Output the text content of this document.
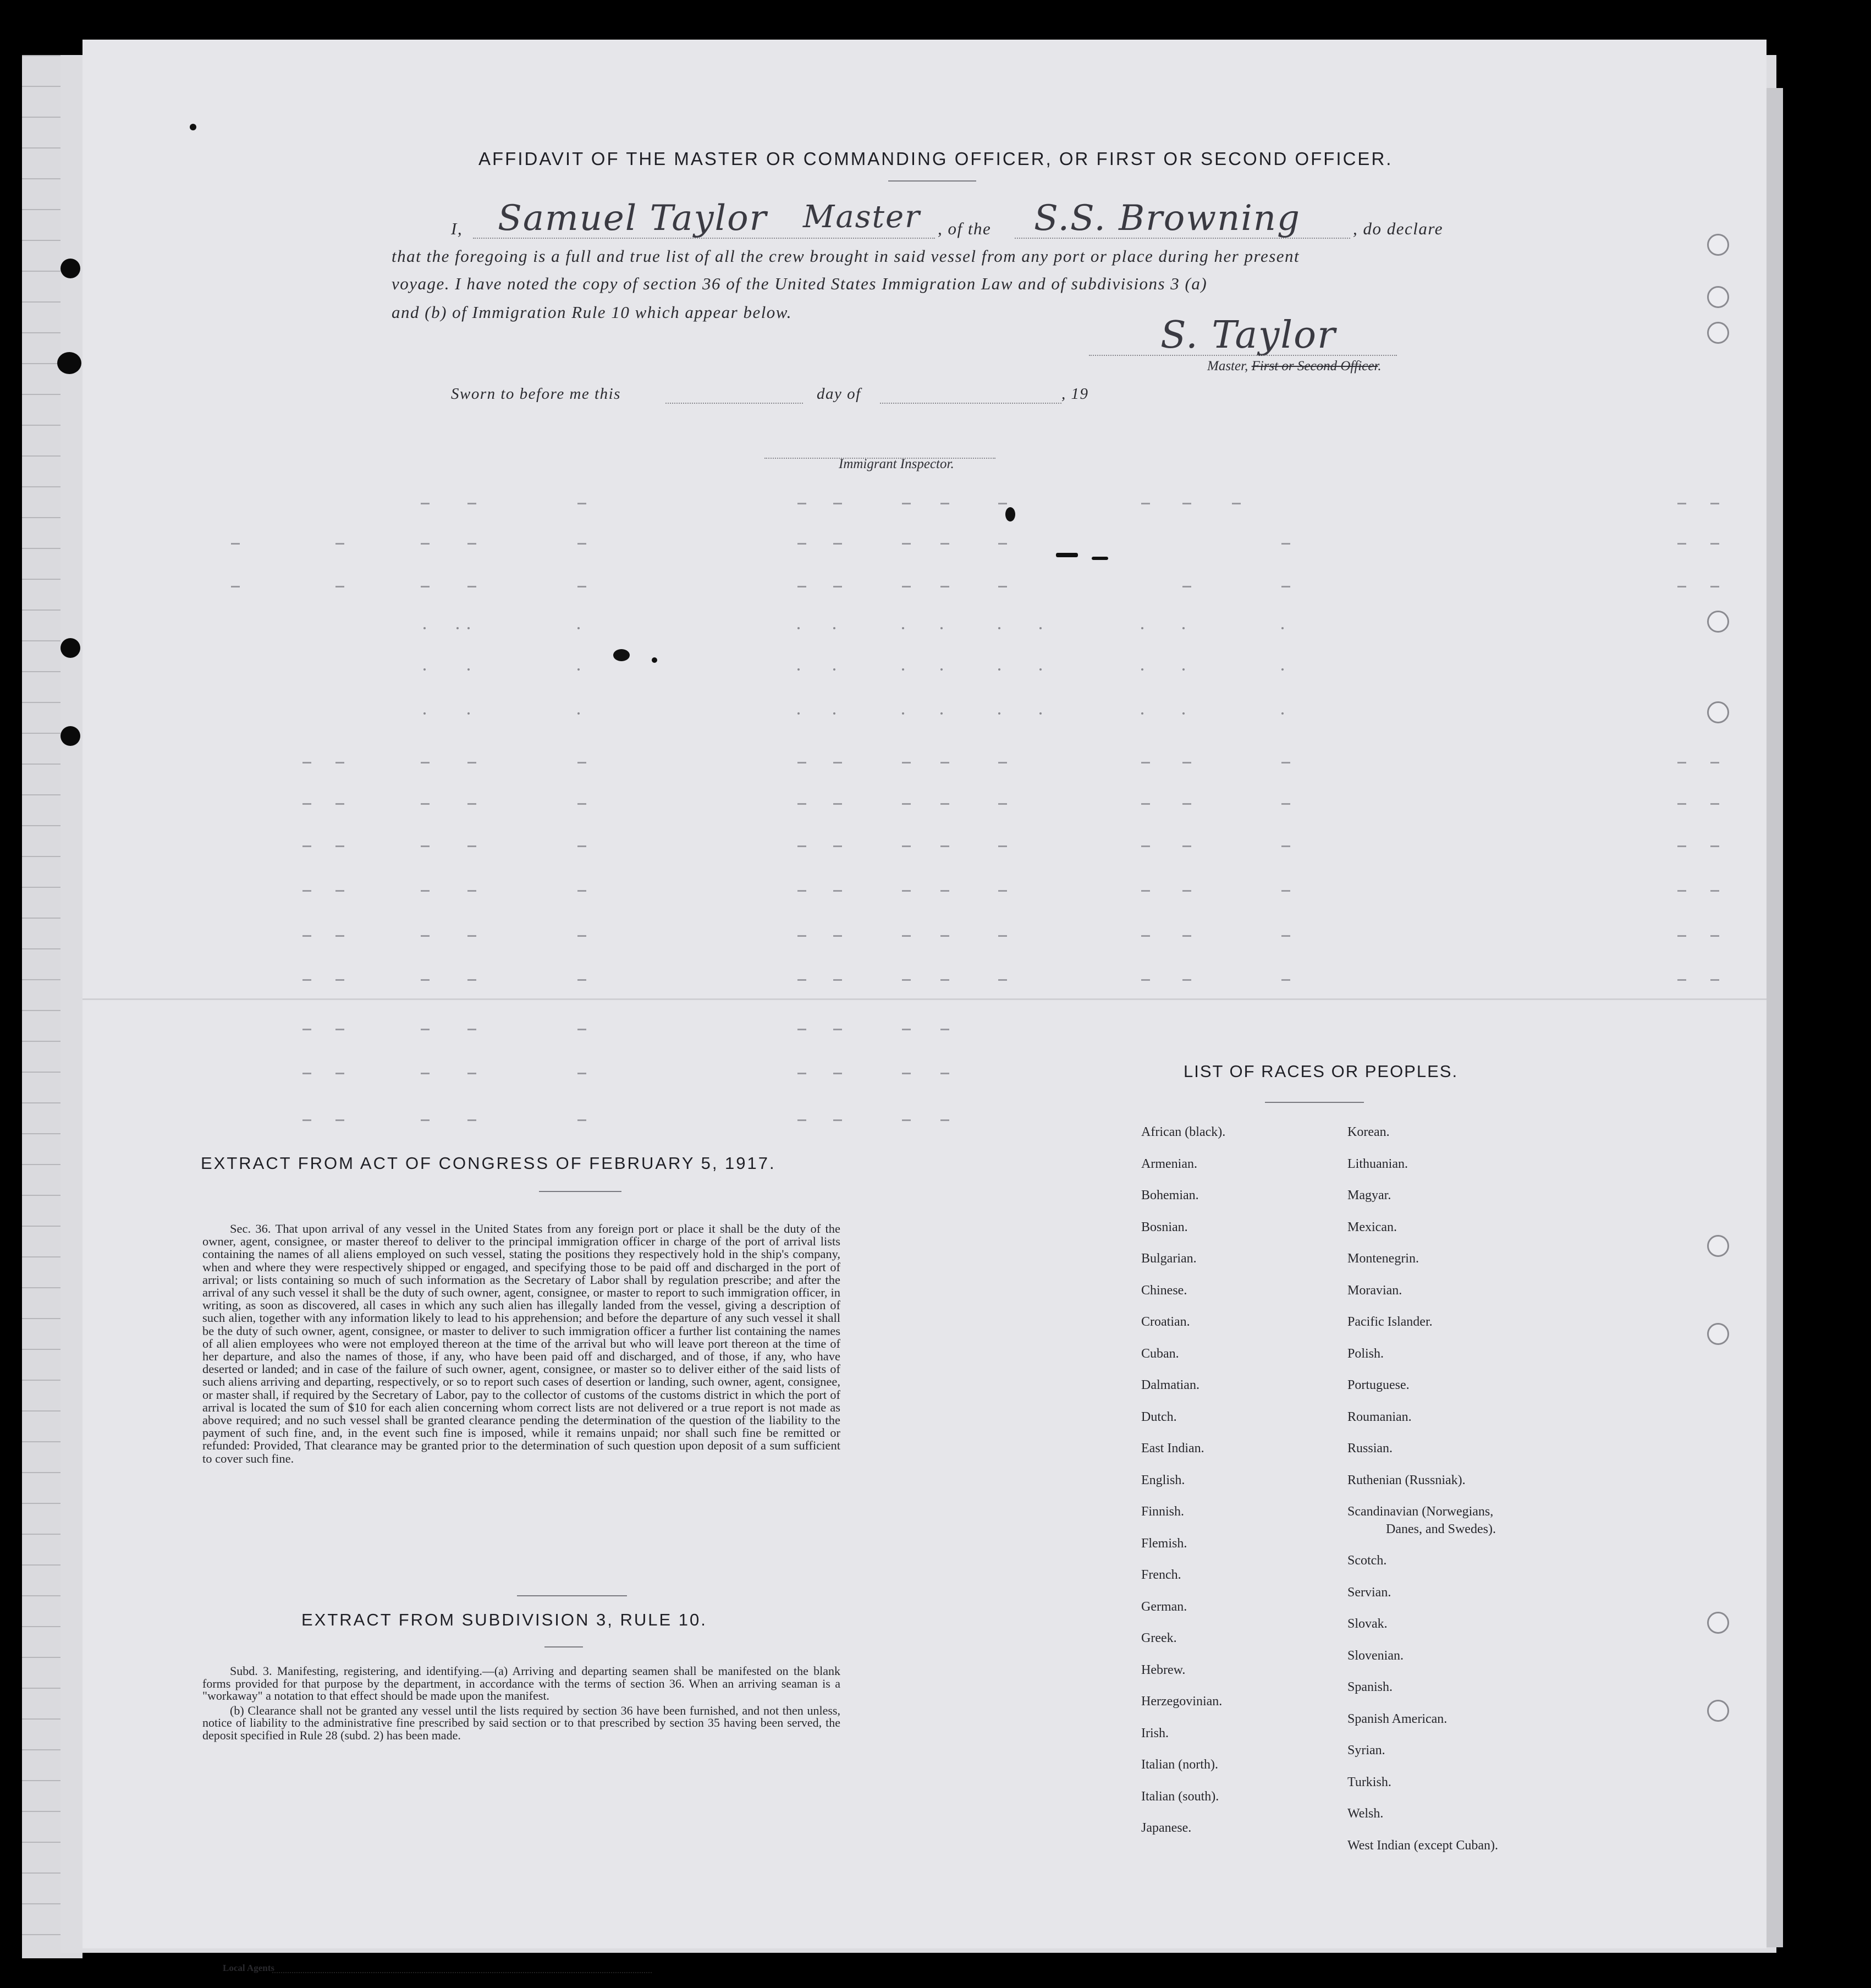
AFFIDAVIT OF THE MASTER OR COMMANDING OFFICER, OR FIRST OR SECOND OFFICER.
I, Samuel Taylor Master , of the S.S. Browning	, do declare
that the foregoing is a full and true list of all the crew brought in said vessel from any port or place during her present
voyage. I have noted the copy of section 36 of the United States Immigration Law and of subdivisions 3 (a)
and (b) of Immigration Rule 10 which appear below.
S. Taylor
Master, First or Second Officer.
Sworn to before me this	day of	, 19
Immigrant Inspector.
EXTRACT FROM ACT OF CONGRESS OF FEBRUARY 5, 1917.

Sec. 36. That upon arrival of any vessel in the United States from any foreign port or place it shall be the duty of the owner, agent, consignee, or master thereof to deliver to the principal immigration officer in charge of the port of arrival lists containing the names of all aliens employed on such vessel, stating the positions they respectively hold in the ship's company, when and where they were respectively shipped or engaged, and specifying those to be paid off and discharged in the port of arrival; or lists containing so much of such information as the Secretary of Labor shall by regulation prescribe; and after the arrival of any such vessel it shall be the duty of such owner, agent, consignee, or master to report to such immigration officer, in writing, as soon as discovered, all cases in which any such alien has illegally landed from the vessel, giving a description of such alien, together with any information likely to lead to his apprehension; and before the departure of any such vessel it shall be the duty of such owner, agent, consignee, or master to deliver to such immigration officer a further list containing the names of all alien employees who were not employed thereon at the time of the arrival but who will leave port thereon at the time of her departure, and also the names of those, if any, who have been paid off and discharged, and of those, if any, who have deserted or landed; and in case of the failure of such owner, agent, consignee, or master so to deliver either of the said lists of such aliens arriving and departing, respectively, or so to report such cases of desertion or landing, such owner, agent, consignee, or master shall, if required by the Secretary of Labor, pay to the collector of customs of the customs district in which the port of arrival is located the sum of $10 for each alien concerning whom correct lists are not delivered or a true report is not made as above required; and no such vessel shall be granted clearance pending the determination of the question of the liability to the payment of such fine, and, in the event such fine is imposed, while it remains unpaid; nor shall such fine be remitted or refunded: Provided, That clearance may be granted prior to the determination of such question upon deposit of a sum sufficient to cover such fine.

EXTRACT FROM SUBDIVISION 3, RULE 10.

Subd. 3. Manifesting, registering, and identifying.—(a) Arriving and departing seamen shall be manifested on the blank forms provided for that purpose by the department, in accordance with the terms of section 36. When an arriving seaman is a "workaway" a notation to that effect should be made upon the manifest.

(b) Clearance shall not be granted any vessel until the lists required by section 36 have been furnished, and not then unless, notice of liability to the administrative fine prescribed by said section or to that prescribed by section 35 having been served, the deposit specified in Rule 28 (subd. 2) has been made.

LIST OF RACES OR PEOPLES.
African (black).
Armenian.
Bohemian.
Bosnian.
Bulgarian.
Chinese.
Croatian.
Cuban.
Dalmatian.
Dutch.
East Indian.
English.
Finnish.
Flemish.
French.
German.
Greek.
Hebrew.
Herzegovinian.
Irish.
Italian (north).
Italian (south).
Japanese.
Korean.
Lithuanian.
Magyar.
Mexican.
Montenegrin.
Moravian.
Pacific Islander.
Polish.
Portuguese.
Roumanian.
Russian.
Ruthenian (Russniak).
Scandinavian (Norwegians,
Danes, and Swedes).
Scotch.
Servian.
Slovak.
Slovenian.
Spanish.
Spanish American.
Syrian.
Turkish.
Welsh.
West Indian (except Cuban).
Local Agents
